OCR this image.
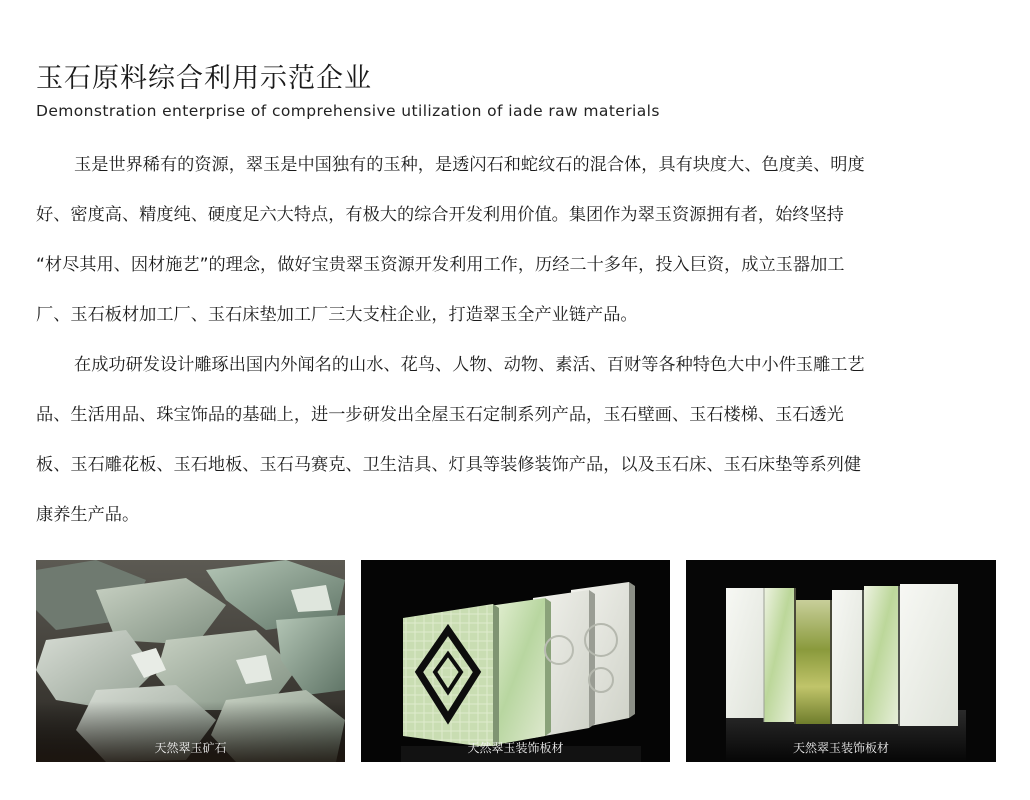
玉石原料综合利用示范企业
Demonstration enterprise of comprehensive utilization of iade raw materials
玉是世界稀有的资源，翠玉是中国独有的玉种，是透闪石和蛇纹石的混合体，具有块度大、色度美、明度
好、密度高、精度纯、硬度足六大特点，有极大的综合开发利用价值。集团作为翠玉资源拥有者，始终坚持
“材尽其用、因材施艺”的理念，做好宝贵翠玉资源开发利用工作，历经二十多年，投入巨资，成立玉器加工
厂、玉石板材加工厂、玉石床垫加工厂三大支柱企业，打造翠玉全产业链产品。
在成功研发设计雕琢出国内外闻名的山水、花鸟、人物、动物、素活、百财等各种特色大中小件玉雕工艺
品、生活用品、珠宝饰品的基础上，进一步研发出全屋玉石定制系列产品，玉石壁画、玉石楼梯、玉石透光
板、玉石雕花板、玉石地板、玉石马赛克、卫生洁具、灯具等装修装饰产品，以及玉石床、玉石床垫等系列健
康养生产品。
天然翠玉矿石	天然翠玉装饰板材	天然翠玉装饰板材
